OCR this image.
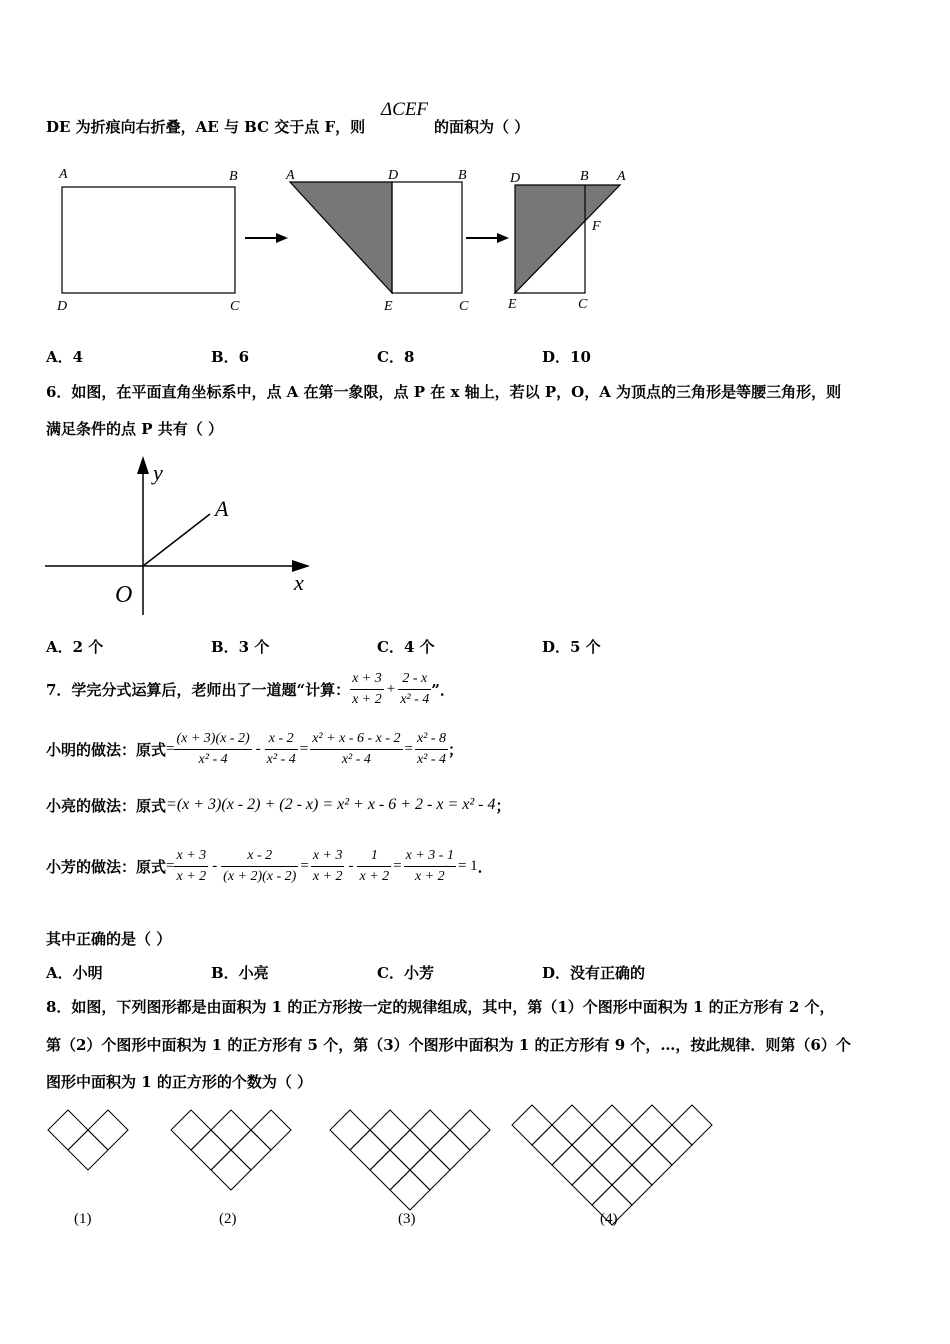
DE 为折痕向右折叠，AE 与 BC 交于点 F，则
ΔCEF
的面积为（ ）
A	B
D	C
A	D	B
E	C
D	B A
F
E	C
A．4	B．6	C．8	D．10
6．如图，在平面直角坐标系中，点 A 在第一象限，点 P 在 x 轴上，若以 P，O，A 为顶点的三角形是等腰三角形，则
满足条件的点 P 共有（ ）
y
x
O
A
A．2 个	B．3 个	C．4 个	D．5 个
7．学完分式运算后，老师出了一道题“计算： $\frac{x + 3}{x + 2} + \frac{2 - x}{\text{x² - 4}}$ ”．
小明的做法：原式 = $\frac{(x + 3)(x - 2)}{\text{x² - 4}} - \frac{x - 2}{\text{x² - 4}} = \frac{\text{x² + x - 6 - x - 2}}{\text{x² - 4}} = \frac{\text{x² - 8}}{\text{x² - 4}}$ ；
小亮的做法：原式 =(x + 3)(x - 2) + (2 - x) = x² + x - 6 + 2 - x = x² - 4 ；
小芳的做法：原式 = $\frac{x + 3}{x + 2} - \frac{x - 2}{(x + 2)(x - 2)} = \frac{x + 3}{x + 2} - \frac{1}{x + 2} = \frac{x + 3 - 1}{x + 2} = 1$ ．
其中正确的是（ ）
A．小明	B．小亮	C．小芳	D．没有正确的
8．如图，下列图形都是由面积为 1 的正方形按一定的规律组成，其中，第（1）个图形中面积为 1 的正方形有 2 个，
第（2）个图形中面积为 1 的正方形有 5 个，第（3）个图形中面积为 1 的正方形有 9 个，…，按此规律．则第（6）个
图形中面积为 1 的正方形的个数为（ ）
(1)	(2)	(3)	(4)
